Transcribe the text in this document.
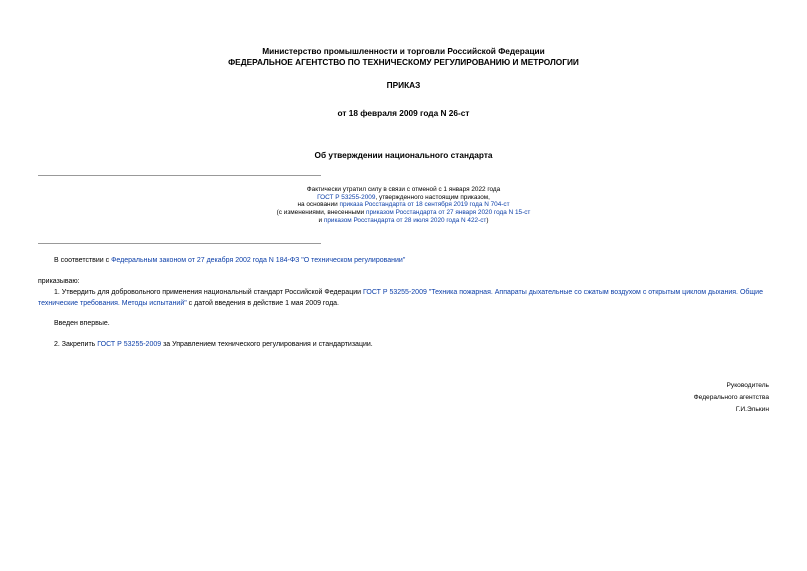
Министерство промышленности и торговли Российской Федерации
ФЕДЕРАЛЬНОЕ АГЕНТСТВО ПО ТЕХНИЧЕСКОМУ РЕГУЛИРОВАНИЮ И МЕТРОЛОГИИ
ПРИКАЗ
от 18 февраля 2009 года N 26-ст
Об утверждении национального стандарта
Фактически утратил силу в связи с отменой с 1 января 2022 года
ГОСТ Р 53255-2009, утвержденного настоящим приказом,
на основании приказа Росстандарта от 18 сентября 2019 года N 704-ст
(с изменениями, внесенными приказом Росстандарта от 27 января 2020 года N 15-ст
и приказом Росстандарта от 28 июля 2020 года N 422-ст)
В соответствии с Федеральным законом от 27 декабря 2002 года N 184-ФЗ "О техническом регулировании"
приказываю:
1. Утвердить для добровольного применения национальный стандарт Российской Федерации ГОСТ Р 53255-2009 "Техника пожарная. Аппараты дыхательные со сжатым воздухом с открытым циклом дыхания. Общие технические требования. Методы испытаний" с датой введения в действие 1 мая 2009 года.
Введен впервые.
2. Закрепить ГОСТ Р 53255-2009 за Управлением технического регулирования и стандартизации.
Руководитель
Федерального агентства
Г.И.Элькин
